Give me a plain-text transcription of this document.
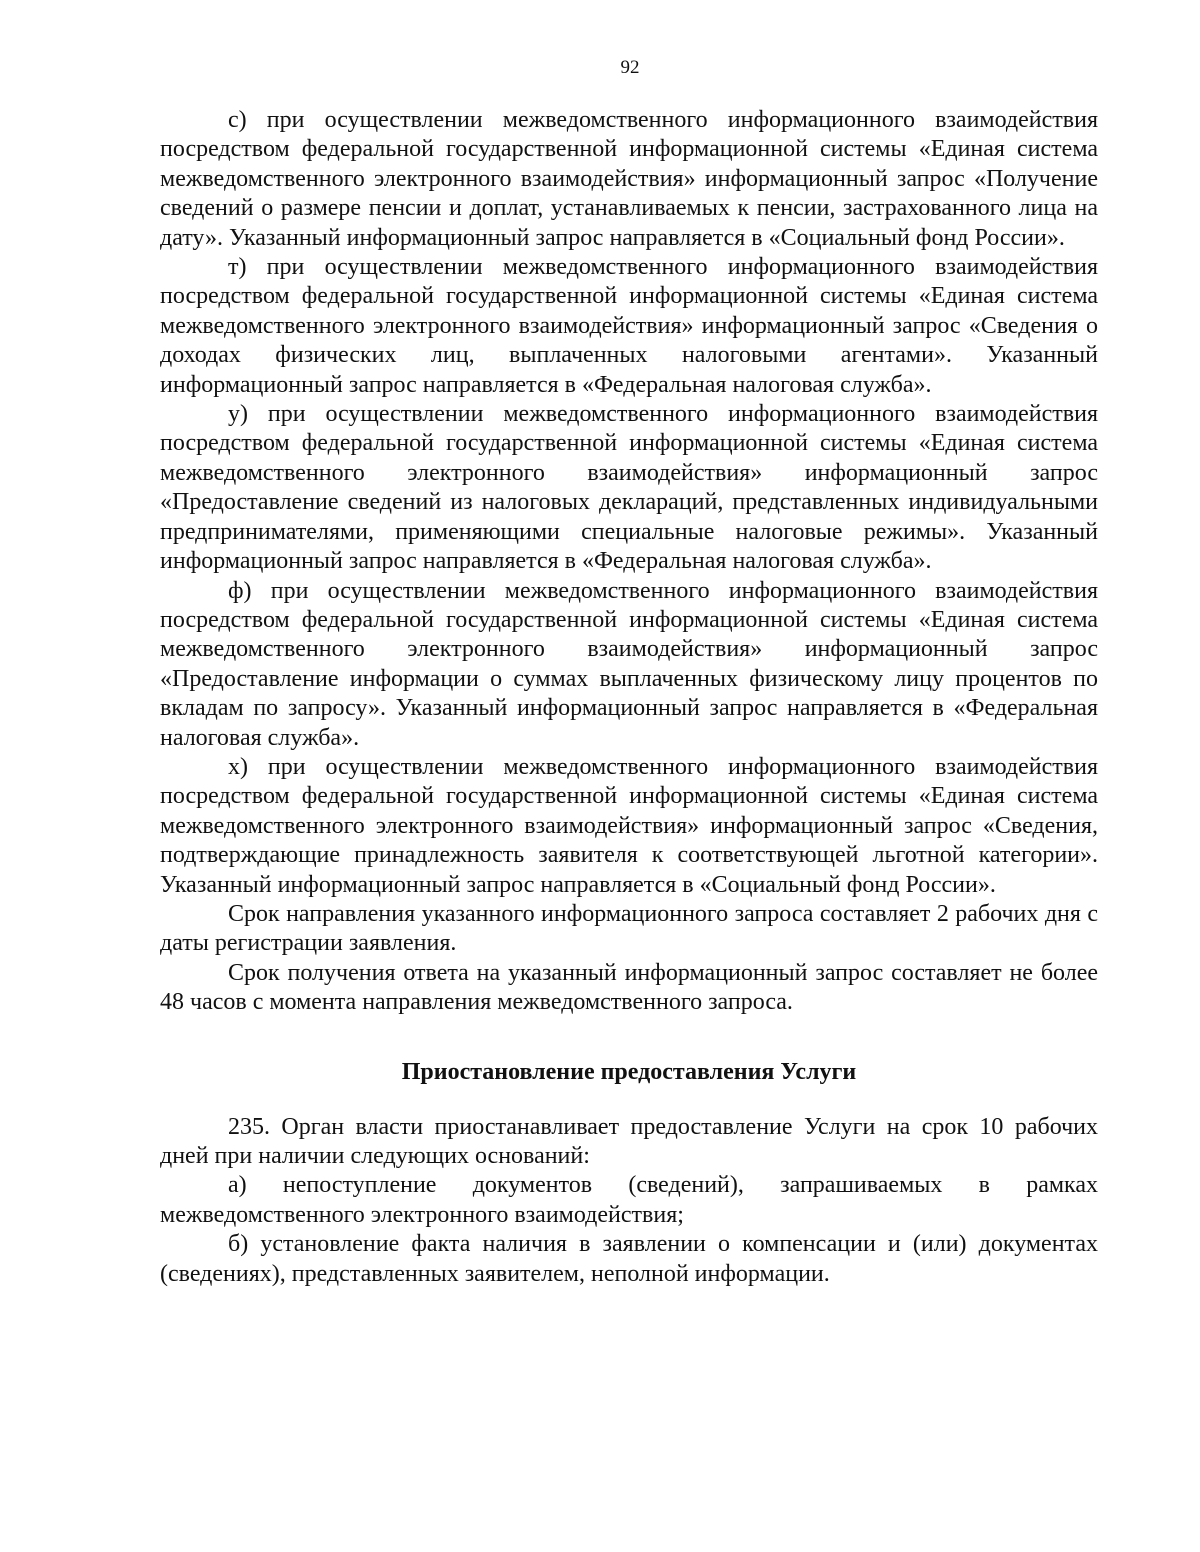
92

с) при осуществлении межведомственного информационного взаимодействия посредством федеральной государственной информационной системы «Единая система межведомственного электронного взаимодействия» информационный запрос «Получение сведений о размере пенсии и доплат, устанавливаемых к пенсии, застрахованного лица на дату». Указанный информационный запрос направляется в «Социальный фонд России».

т) при осуществлении межведомственного информационного взаимодействия посредством федеральной государственной информационной системы «Единая система межведомственного электронного взаимодействия» информационный запрос «Сведения о доходах физических лиц, выплаченных налоговыми агентами». Указанный информационный запрос направляется в «Федеральная налоговая служба».

у) при осуществлении межведомственного информационного взаимодействия посредством федеральной государственной информационной системы «Единая система межведомственного электронного взаимодействия» информационный запрос «Предоставление сведений из налоговых деклараций, представленных индивидуальными предпринимателями, применяющими специальные налоговые режимы». Указанный информационный запрос направляется в «Федеральная налоговая служба».

ф) при осуществлении межведомственного информационного взаимодействия посредством федеральной государственной информационной системы «Единая система межведомственного электронного взаимодействия» информационный запрос «Предоставление информации о суммах выплаченных физическому лицу процентов по вкладам по запросу». Указанный информационный запрос направляется в «Федеральная налоговая служба».

х) при осуществлении межведомственного информационного взаимодействия посредством федеральной государственной информационной системы «Единая система межведомственного электронного взаимодействия» информационный запрос «Сведения, подтверждающие принадлежность заявителя к соответствующей льготной категории». Указанный информационный запрос направляется в «Социальный фонд России».

Срок направления указанного информационного запроса составляет 2 рабочих дня с даты регистрации заявления.

Срок получения ответа на указанный информационный запрос составляет не более 48 часов с момента направления межведомственного запроса.

Приостановление предоставления Услуги

235. Орган власти приостанавливает предоставление Услуги на срок 10 рабочих дней при наличии следующих оснований:

а) непоступление документов (сведений), запрашиваемых в рамках межведомственного электронного взаимодействия;

б) установление факта наличия в заявлении о компенсации и (или) документах (сведениях), представленных заявителем, неполной информации.
